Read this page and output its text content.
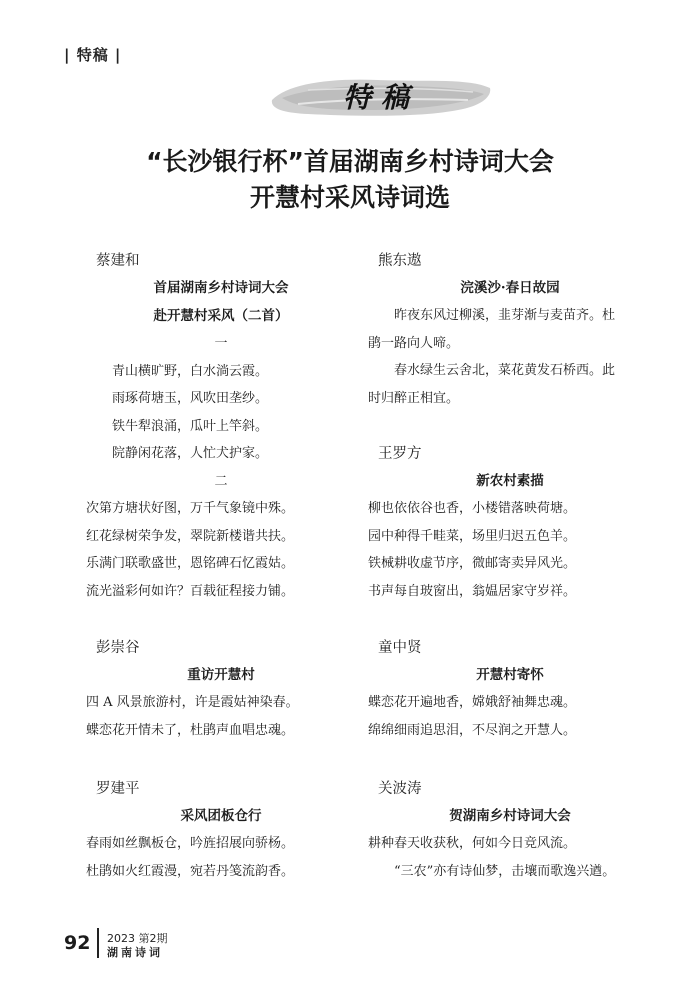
| 特稿 |
特稿
“长沙银行杯”首届湖南乡村诗词大会
开慧村采风诗词选
蔡建和
首届湖南乡村诗词大会
赴开慧村采风（二首）
一
青山横旷野，白水淌云霞。
雨琢荷塘玉，风吹田垄纱。
铁牛犁浪涌，瓜叶上竿斜。
院静闲花落，人忙犬护家。
二
次第方塘状好图，万千气象镜中殊。
红花绿树荣争发，翠院新楼谐共扶。
乐满门联歌盛世，恩铭碑石忆霞姑。
流光溢彩何如许？百载征程接力铺。
彭崇谷
重访开慧村
四 A 风景旅游村，许是霞姑神染春。
蝶恋花开情未了，杜鹃声血唱忠魂。
罗建平
采风团板仓行
春雨如丝飘板仓，吟旌招展向骄杨。
杜鹃如火红霞漫，宛若丹笺流韵香。
熊东遨
浣溪沙·春日故园
昨夜东风过柳溪，韭芽渐与麦苗齐。杜
鹃一路向人啼。
春水绿生云舍北，菜花黄发石桥西。此
时归醉正相宜。
王罗方
新农村素描
柳也依依谷也香，小楼错落映荷塘。
园中种得千畦菜，场里归迟五色羊。
铁械耕收虚节序，微邮寄卖异风光。
书声每自玻窗出，翁媪居家守岁祥。
童中贤
开慧村寄怀
蝶恋花开遍地香，嫦娥舒袖舞忠魂。
绵绵细雨追思泪，不尽润之开慧人。
关波涛
贺湖南乡村诗词大会
耕种春天收获秋，何如今日竞风流。
“三农”亦有诗仙梦，击壤而歌逸兴遒。
92 2023 第2期
湖南诗词
